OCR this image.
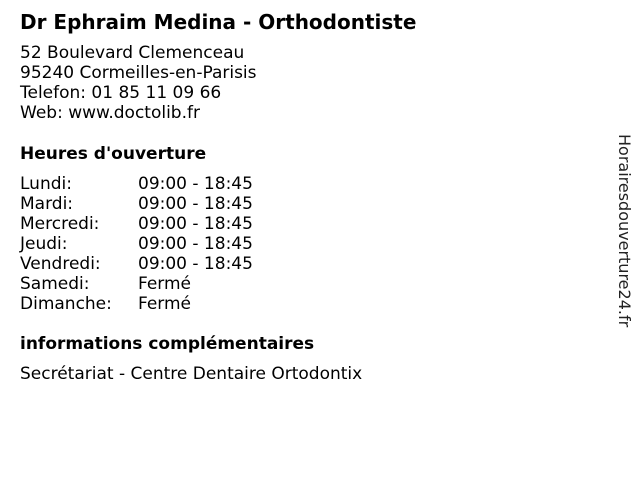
Dr Ephraim Medina - Orthodontiste
52 Boulevard Clemenceau
95240 Cormeilles-en-Parisis
Telefon: 01 85 11 09 66
Web: www.doctolib.fr
Heures d'ouverture
Lundi:	09:00 - 18:45
Mardi:	09:00 - 18:45
Mercredi:	09:00 - 18:45
Jeudi:	09:00 - 18:45
Vendredi:	09:00 - 18:45
Samedi:	Fermé
Dimanche:	Fermé
informations complémentaires
Secrétariat - Centre Dentaire Ortodontix
Horairesdouverture24.fr
